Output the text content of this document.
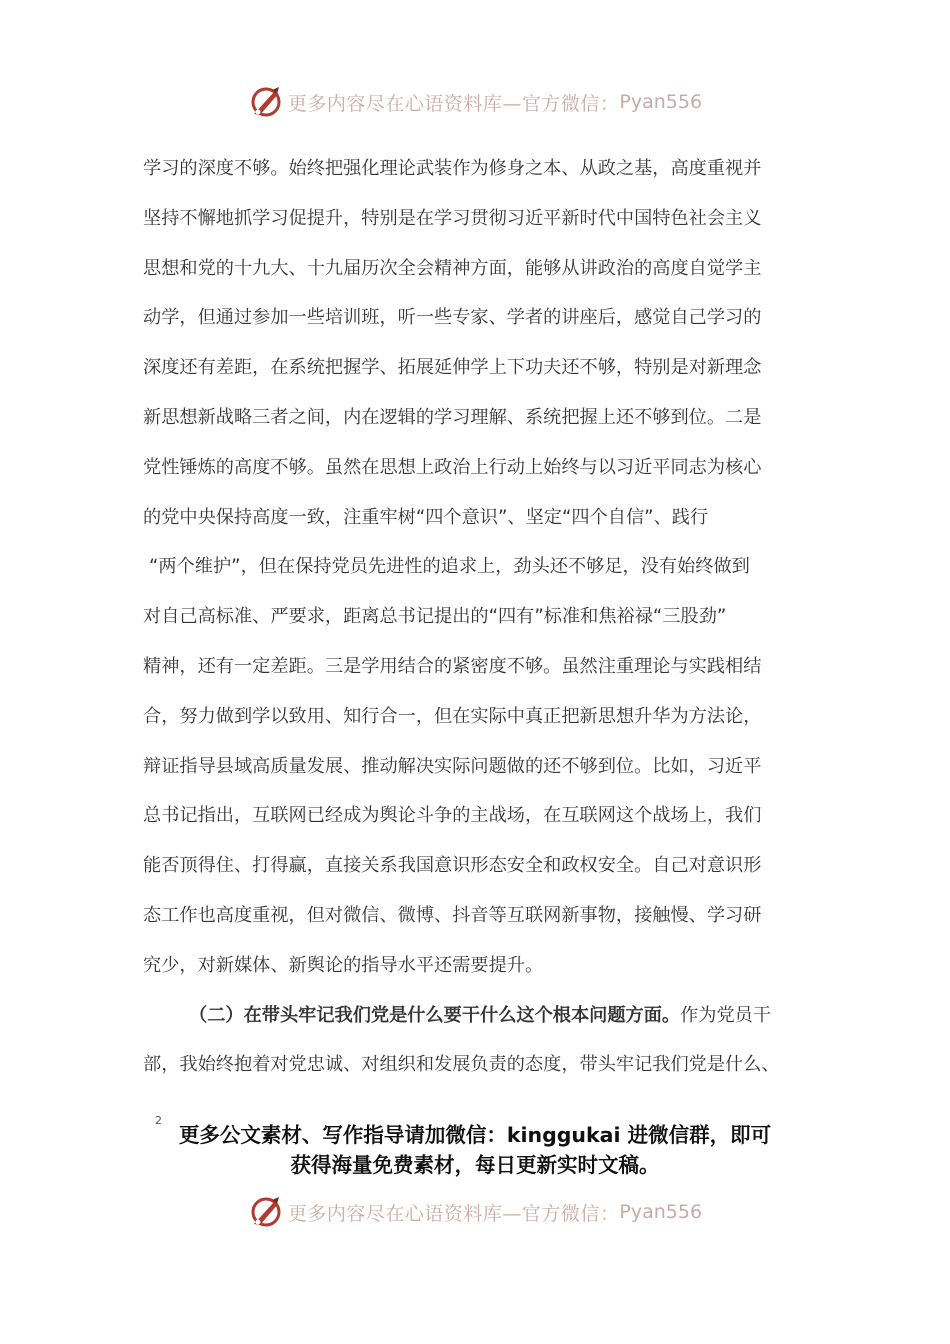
更多内容尽在心语资料库—官方微信： Pyan556
学习的深度不够。始终把强化理论武装作为修身之本、从政之基，高度重视并
坚持不懈地抓学习促提升，特别是在学习贯彻习近平新时代中国特色社会主义
思想和党的十九大、十九届历次全会精神方面，能够从讲政治的高度自觉学主
动学，但通过参加一些培训班，听一些专家、学者的讲座后，感觉自己学习的
深度还有差距，在系统把握学、拓展延伸学上下功夫还不够，特别是对新理念
新思想新战略三者之间，内在逻辑的学习理解、系统把握上还不够到位。二是
党性锤炼的高度不够。虽然在思想上政治上行动上始终与以习近平同志为核心
的党中央保持高度一致，注重牢树“四个意识”、坚定“四个自信”、践行
“两个维护”，但在保持党员先进性的追求上，劲头还不够足，没有始终做到
对自己高标准、严要求，距离总书记提出的“四有”标准和焦裕禄“三股劲”
精神，还有一定差距。三是学用结合的紧密度不够。虽然注重理论与实践相结
合，努力做到学以致用、知行合一，但在实际中真正把新思想升华为方法论，
辩证指导县域高质量发展、推动解决实际问题做的还不够到位。比如，习近平
总书记指出，互联网已经成为舆论斗争的主战场，在互联网这个战场上，我们
能否顶得住、打得赢，直接关系我国意识形态安全和政权安全。自己对意识形
态工作也高度重视，但对微信、微博、抖音等互联网新事物，接触慢、学习研
究少，对新媒体、新舆论的指导水平还需要提升。
（二）在带头牢记我们党是什么要干什么这个根本问题方面。作为党员干
部，我始终抱着对党忠诚、对组织和发展负责的态度，带头牢记我们党是什么、
2
更多公文素材、写作指导请加微信：kinggukai 进微信群，即可
获得海量免费素材，每日更新实时文稿。
更多内容尽在心语资料库—官方微信： Pyan556
